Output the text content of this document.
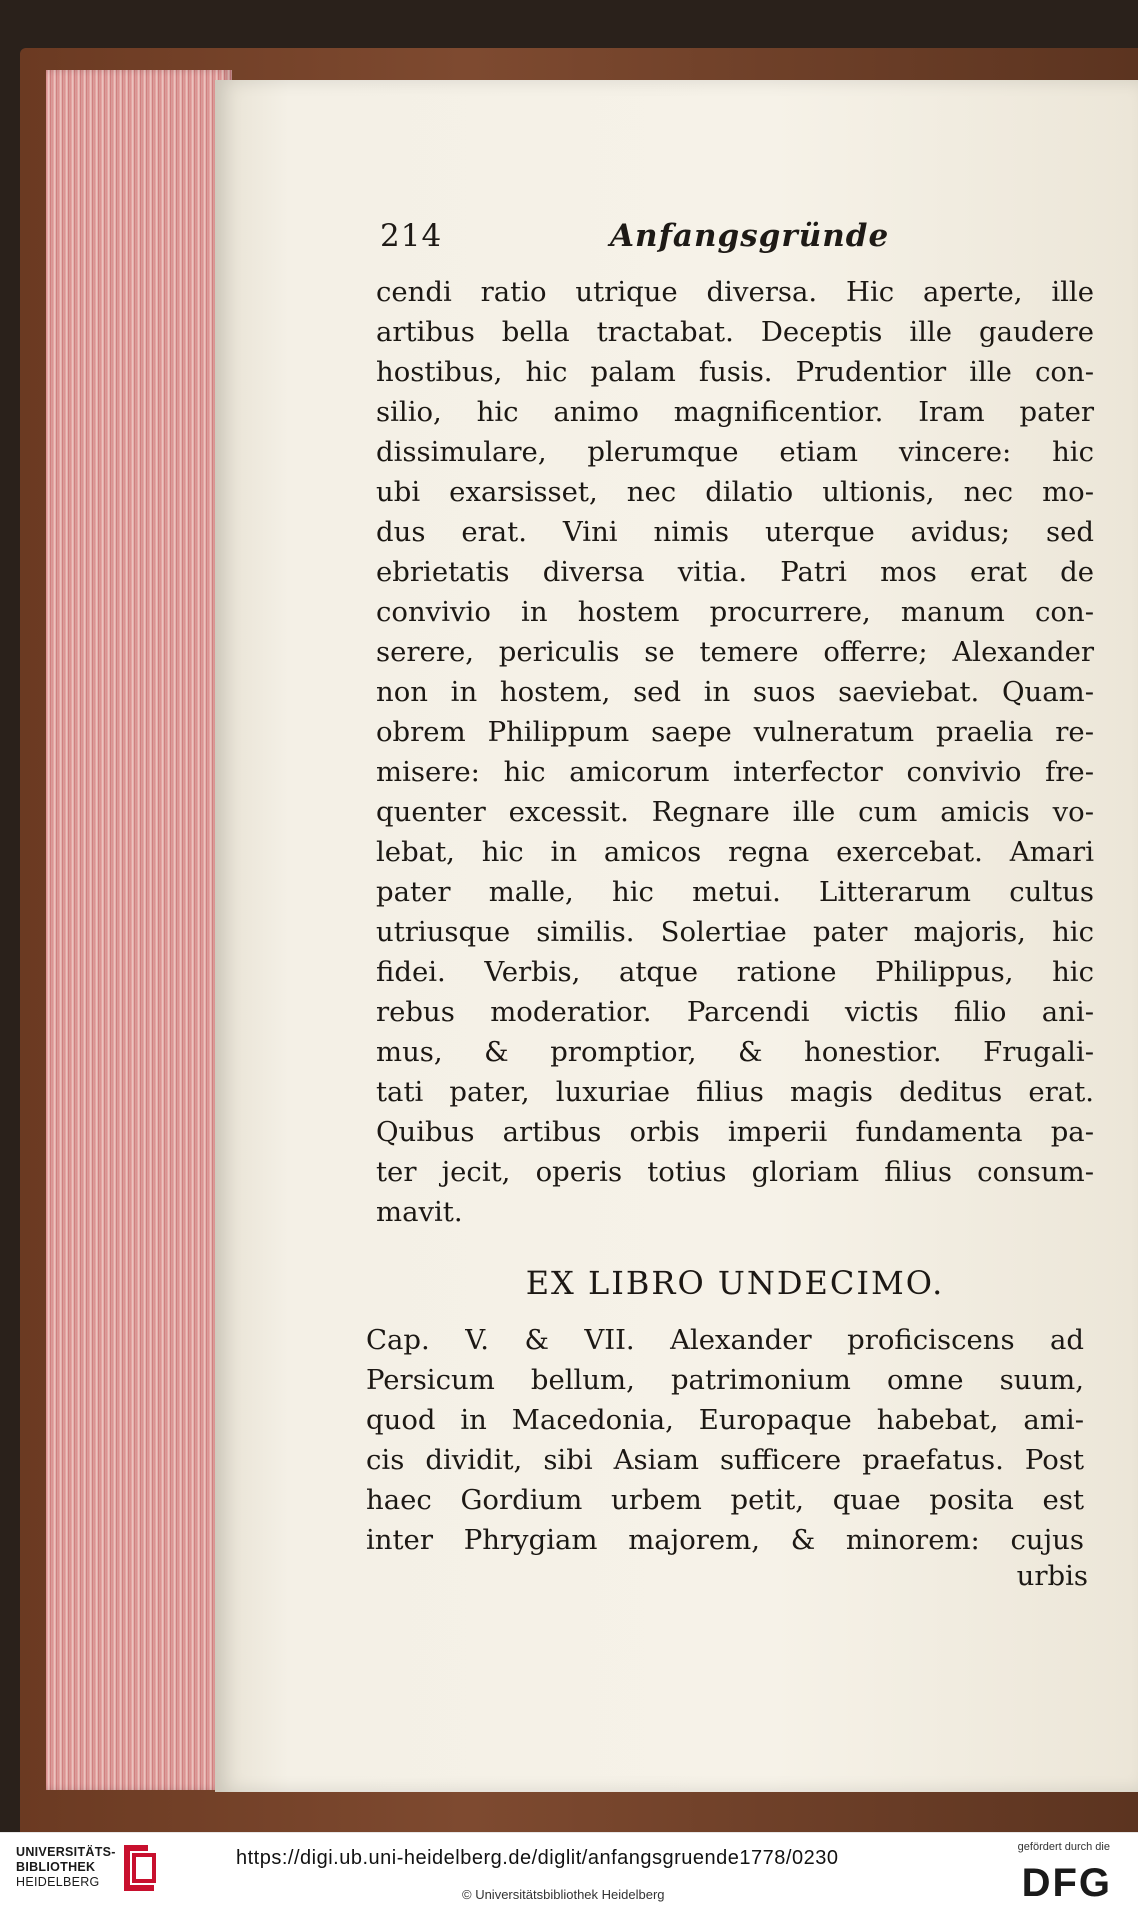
214	Anfangsgründe
cendi ratio utrique diversa. Hic aperte, ille
artibus bella tractabat. Deceptis ille gaudere
hostibus, hic palam fusis. Prudentior ille con-
silio, hic animo magnificentior. Iram pater
dissimulare, plerumque etiam vincere: hic
ubi exarsisset, nec dilatio ultionis, nec mo-
dus erat. Vini nimis uterque avidus; sed
ebrietatis diversa vitia. Patri mos erat de
convivio in hostem procurrere, manum con-
serere, periculis se temere offerre; Alexander
non in hostem, sed in suos saeviebat. Quam-
obrem Philippum saepe vulneratum praelia re-
misere: hic amicorum interfector convivio fre-
quenter excessit. Regnare ille cum amicis vo-
lebat, hic in amicos regna exercebat. Amari
pater malle, hic metui. Litterarum cultus
utriusque similis. Solertiae pater majoris, hic
fidei. Verbis, atque ratione Philippus, hic
rebus moderatior. Parcendi victis filio ani-
mus, & promptior, & honestior. Frugali-
tati pater, luxuriae filius magis deditus erat.
Quibus artibus orbis imperii fundamenta pa-
ter jecit, operis totius gloriam filius consum-
mavit.
EX LIBRO UNDECIMO.
Cap. V. & VII. Alexander proficiscens ad
Persicum bellum, patrimonium omne suum,
quod in Macedonia, Europaque habebat, ami-
cis dividit, sibi Asiam sufficere praefatus. Post
haec Gordium urbem petit, quae posita est
inter Phrygiam majorem, & minorem: cujus
urbis
UNIVERSITÄTS-
BIBLIOTHEK
HEIDELBERG
https://digi.ub.uni-heidelberg.de/diglit/anfangsgruende1778/0230
© Universitätsbibliothek Heidelberg
gefördert durch die
DFG
